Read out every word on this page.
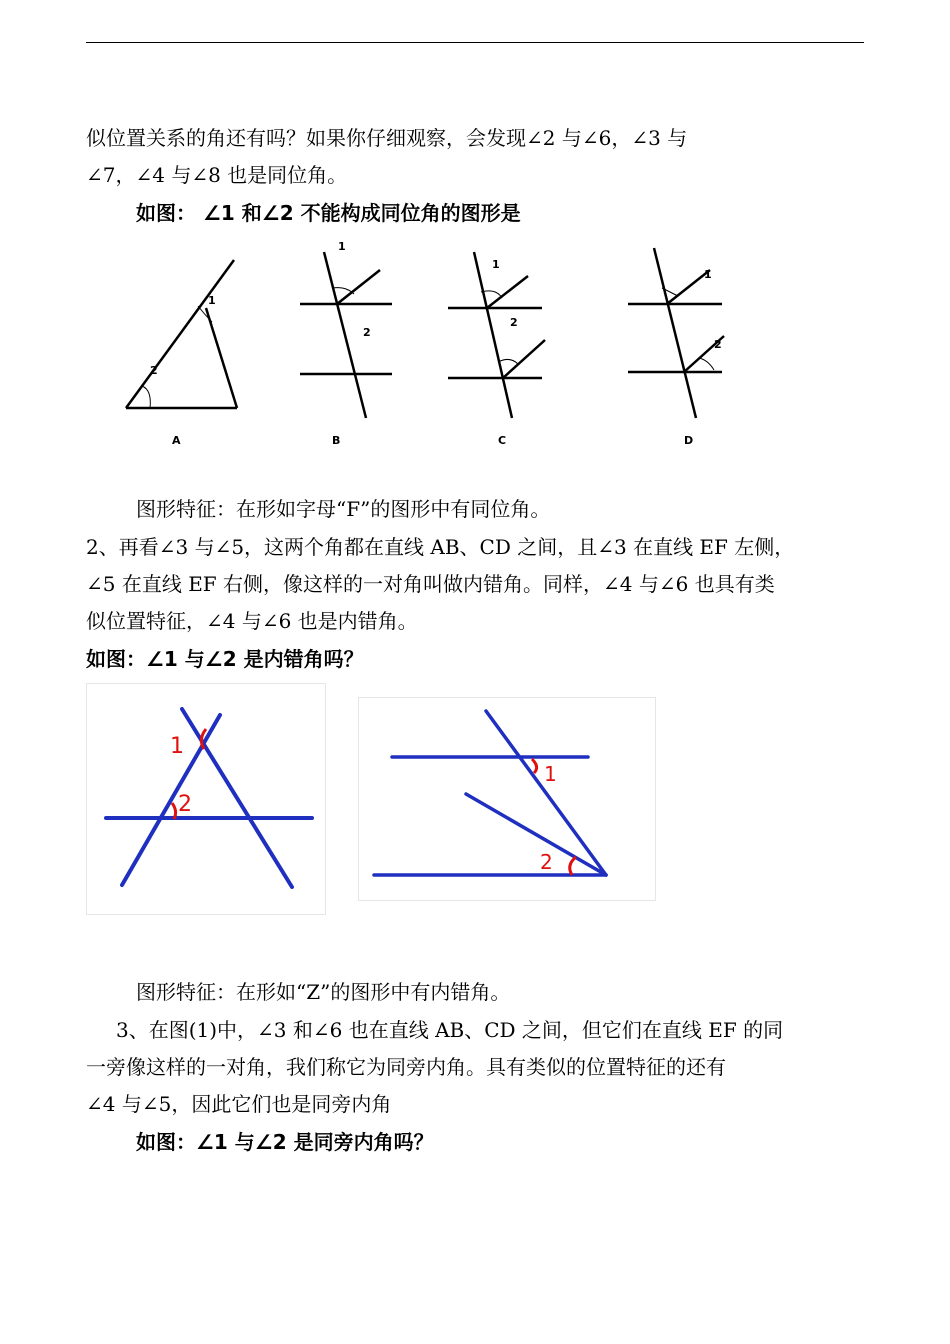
似位置关系的角还有吗？如果你仔细观察，会发现∠2 与∠6，∠3 与
∠7，∠4 与∠8 也是同位角。
如图： ∠1 和∠2 不能构成同位角的图形是
1
2
1
2
1
2
1
2
A	B	C	D
图形特征：在形如字母“F”的图形中有同位角。
2、再看∠3 与∠5，这两个角都在直线 AB、CD 之间，且∠3 在直线 EF 左侧，
∠5 在直线 EF 右侧，像这样的一对角叫做内错角。同样，∠4 与∠6 也具有类
似位置特征，∠4 与∠6 也是内错角。
如图：∠1 与∠2 是内错角吗？
1
2
1
2
图形特征：在形如“Z”的图形中有内错角。
3、在图(1)中，∠3 和∠6 也在直线 AB、CD 之间，但它们在直线 EF 的同
一旁像这样的一对角，我们称它为同旁内角。具有类似的位置特征的还有
∠4 与∠5，因此它们也是同旁内角
如图：∠1 与∠2 是同旁内角吗？
